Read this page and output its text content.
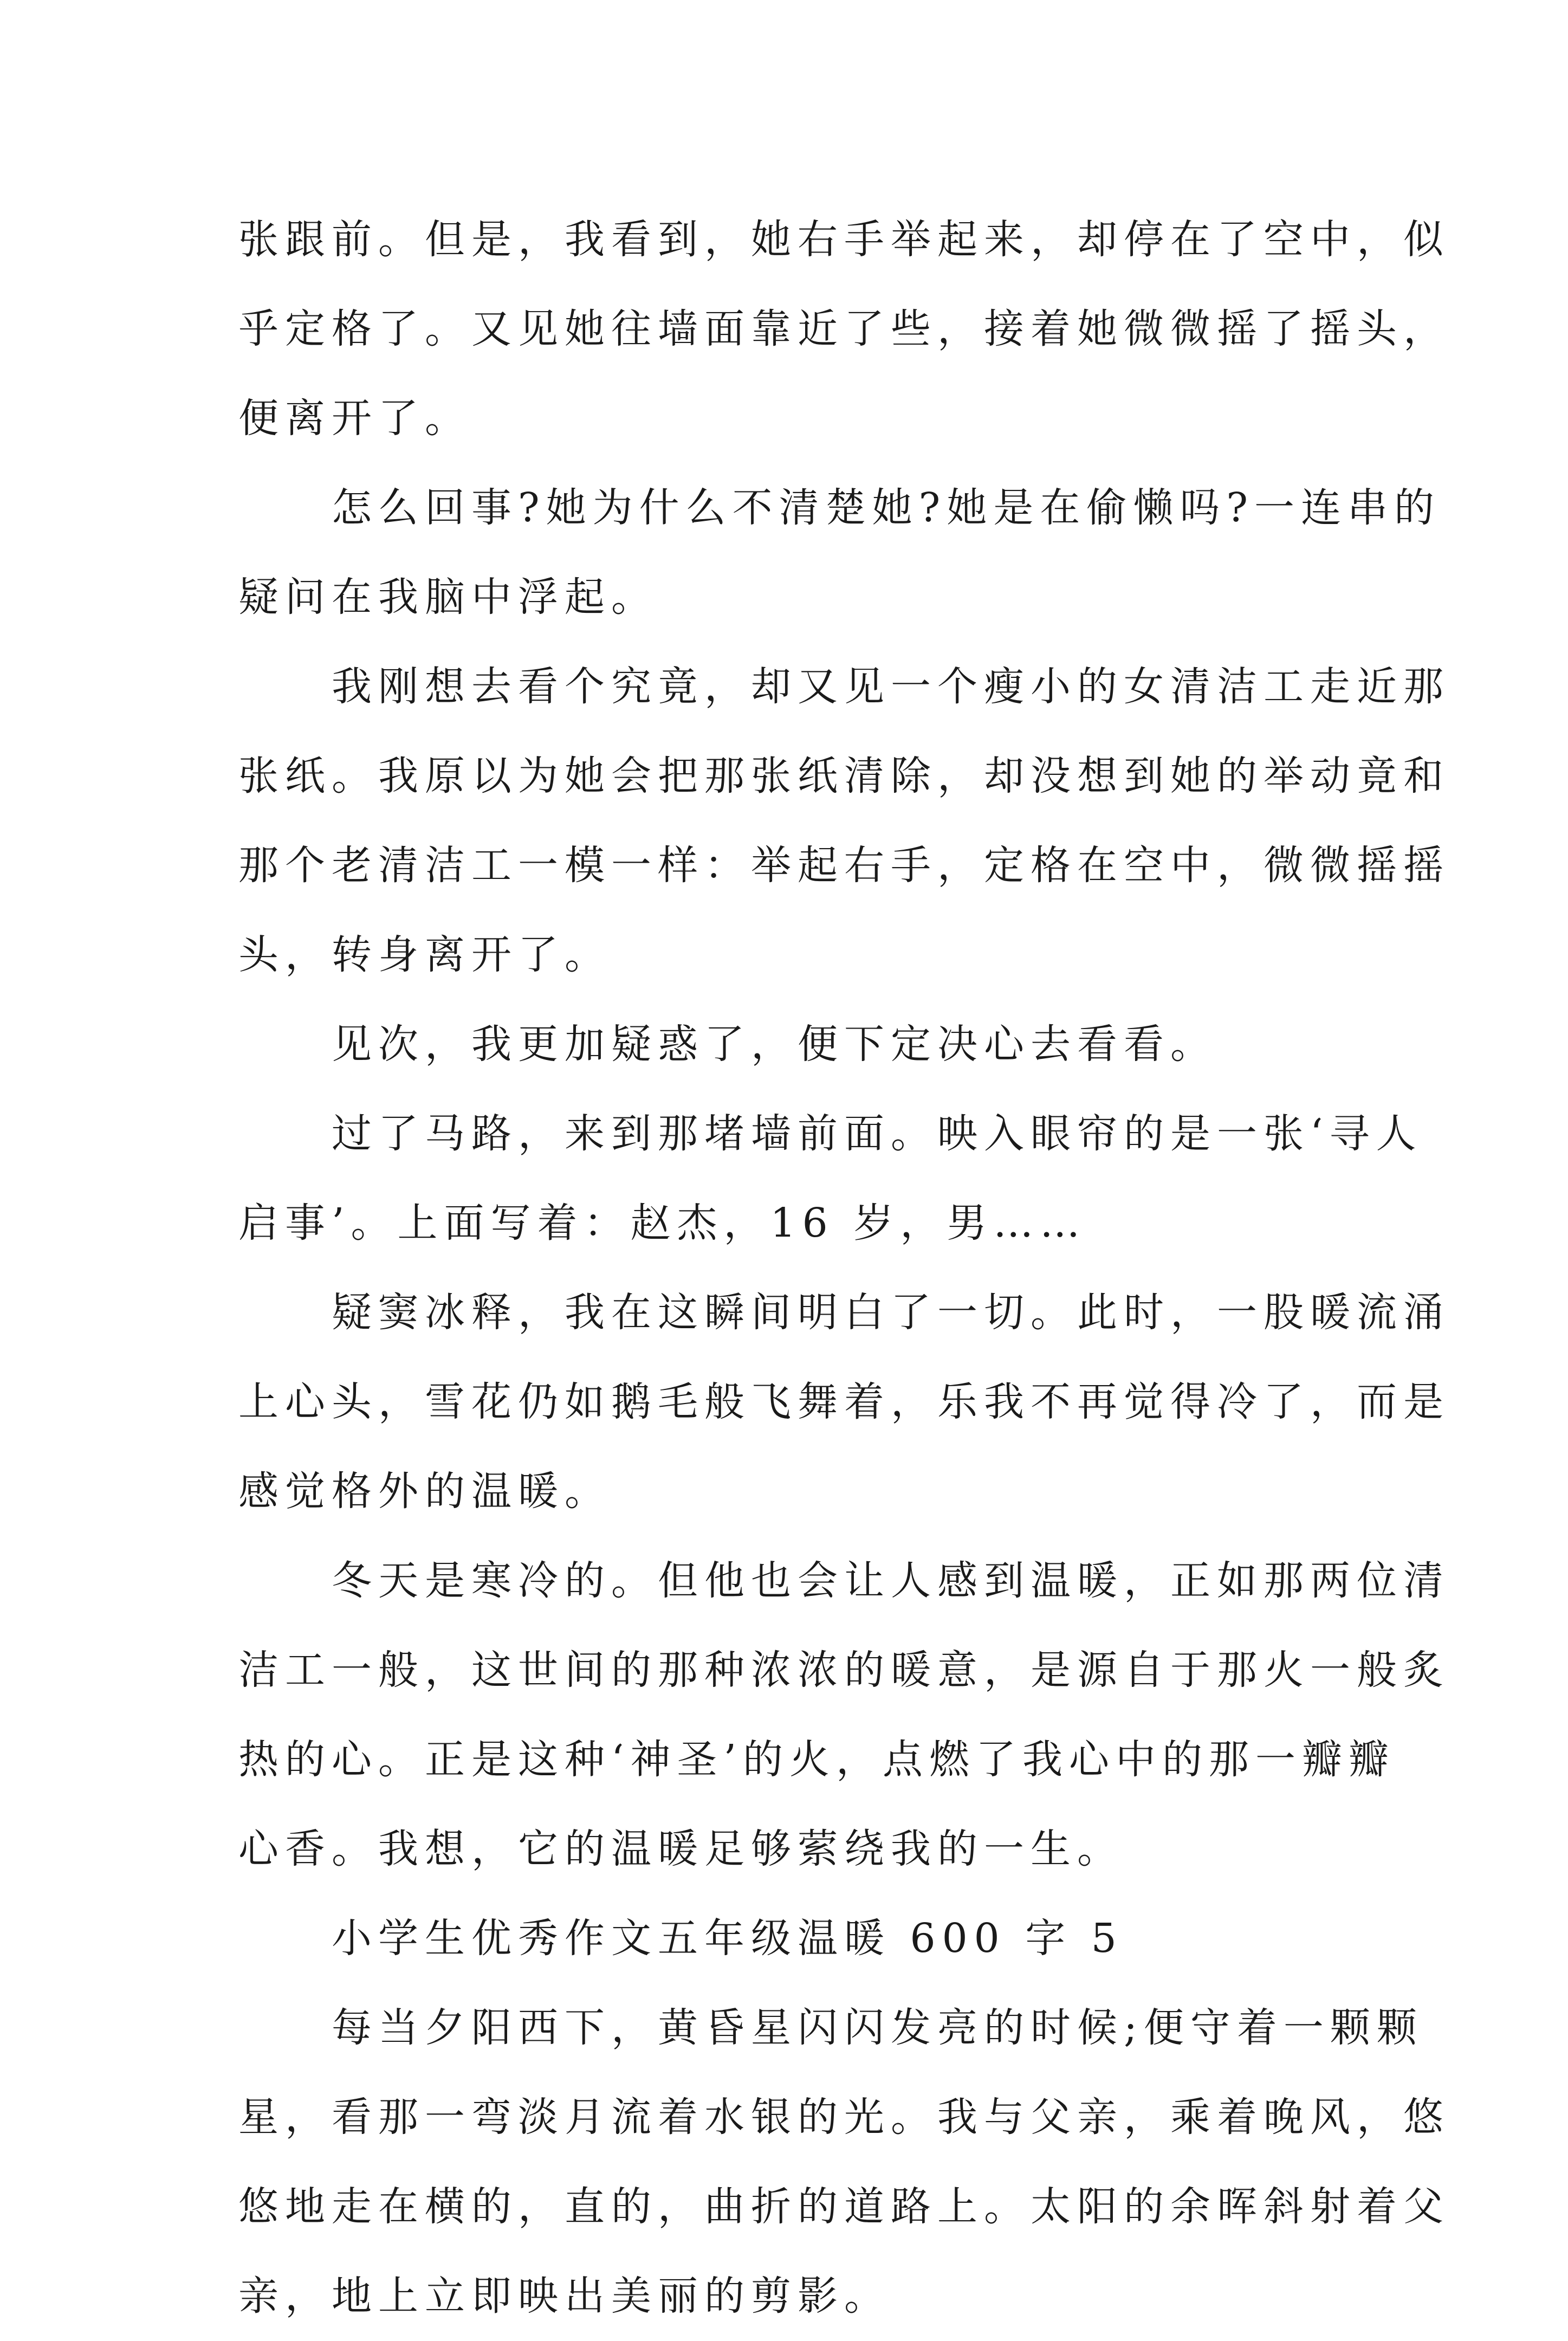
张跟前。但是，我看到，她右手举起来，却停在了空中，似
乎定格了。又见她往墙面靠近了些，接着她微微摇了摇头，
便离开了。
怎么回事?她为什么不清楚她?她是在偷懒吗?一连串的
疑问在我脑中浮起。
我刚想去看个究竟，却又见一个瘦小的女清洁工走近那
张纸。我原以为她会把那张纸清除，却没想到她的举动竟和
那个老清洁工一模一样：举起右手，定格在空中，微微摇摇
头，转身离开了。
见次，我更加疑惑了，便下定决心去看看。
过了马路，来到那堵墙前面。映入眼帘的是一张‘寻人
启事’。上面写着：赵杰，16 岁，男……
疑窦冰释，我在这瞬间明白了一切。此时，一股暖流涌
上心头，雪花仍如鹅毛般飞舞着，乐我不再觉得冷了，而是
感觉格外的温暖。
冬天是寒冷的。但他也会让人感到温暖，正如那两位清
洁工一般，这世间的那种浓浓的暖意，是源自于那火一般炙
热的心。正是这种‘神圣’的火，点燃了我心中的那一瓣瓣
心香。我想，它的温暖足够萦绕我的一生。
小学生优秀作文五年级温暖 600 字 5
每当夕阳西下，黄昏星闪闪发亮的时候;便守着一颗颗
星，看那一弯淡月流着水银的光。我与父亲，乘着晚风，悠
悠地走在横的，直的，曲折的道路上。太阳的余晖斜射着父
亲，地上立即映出美丽的剪影。
